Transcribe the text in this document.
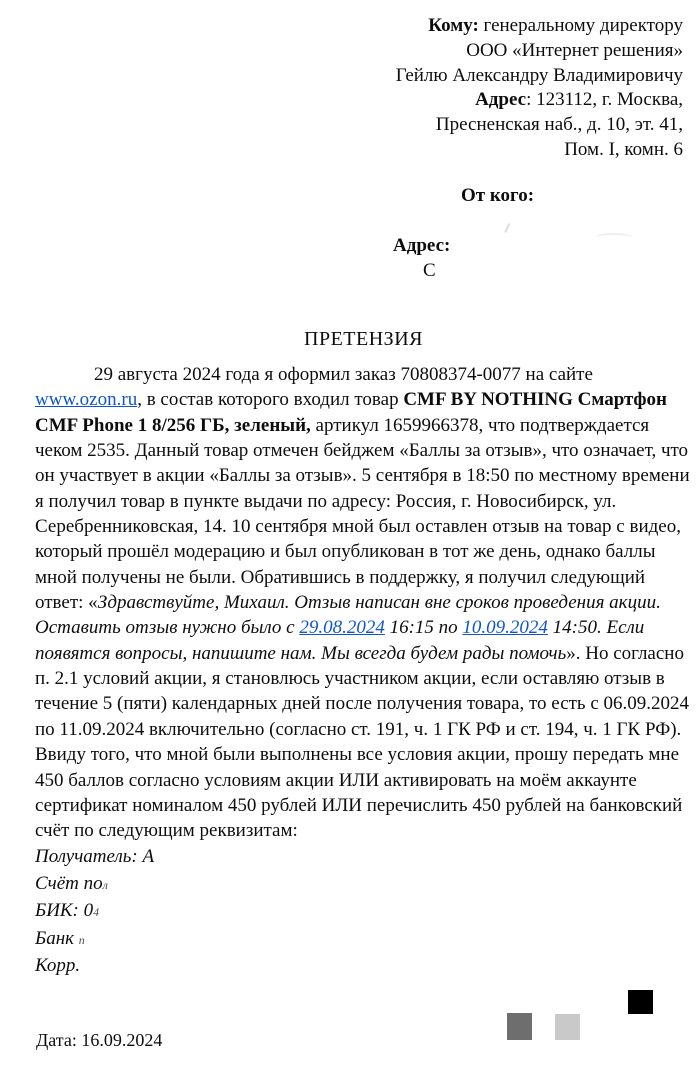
Кому: генеральному директору
ООО «Интернет решения»
Гейлю Александру Владимировичу
Адрес: 123112, г. Москва,
Пресненская наб., д. 10, эт. 41,
Пом. I, комн. 6
От кого:
Адрес:
С
ПРЕТЕНЗИЯ

29 августа 2024 года я оформил заказ 70808374-0077 на сайте www.ozon.ru, в состав которого входил товар CMF BY NOTHING Смартфон CMF Phone 1 8/256 ГБ, зеленый, артикул 1659966378, что подтверждается чеком 2535. Данный товар отмечен бейджем «Баллы за отзыв», что означает, что он участвует в акции «Баллы за отзыв». 5 сентября в 18:50 по местному времени я получил товар в пункте выдачи по адресу: Россия, г. Новосибирск, ул. Серебренниковская, 14. 10 сентября мной был оставлен отзыв на товар с видео, который прошёл модерацию и был опубликован в тот же день, однако баллы мной получены не были. Обратившись в поддержку, я получил следующий ответ: «Здравствуйте, Михаил. Отзыв написан вне сроков проведения акции. Оставить отзыв нужно было с 29.08.2024 16:15 по 10.09.2024 14:50. Если появятся вопросы, напишите нам. Мы всегда будем рады помочь». Но согласно п. 2.1 условий акции, я становлюсь участником акции, если оставляю отзыв в течение 5 (пяти) календарных дней после получения товара, то есть с 06.09.2024 по 11.09.2024 включительно (согласно ст. 191, ч. 1 ГК РФ и ст. 194, ч. 1 ГК РФ). Ввиду того, что мной были выполнены все условия акции, прошу передать мне 450 баллов согласно условиям акции ИЛИ активировать на моём аккаунте сертификат номиналом 450 рублей ИЛИ перечислить 450 рублей на банковский счёт по следующим реквизитам:

Получатель: А
Счёт пол
БИК: 04
Банк п
Корр.
Дата: 16.09.2024
